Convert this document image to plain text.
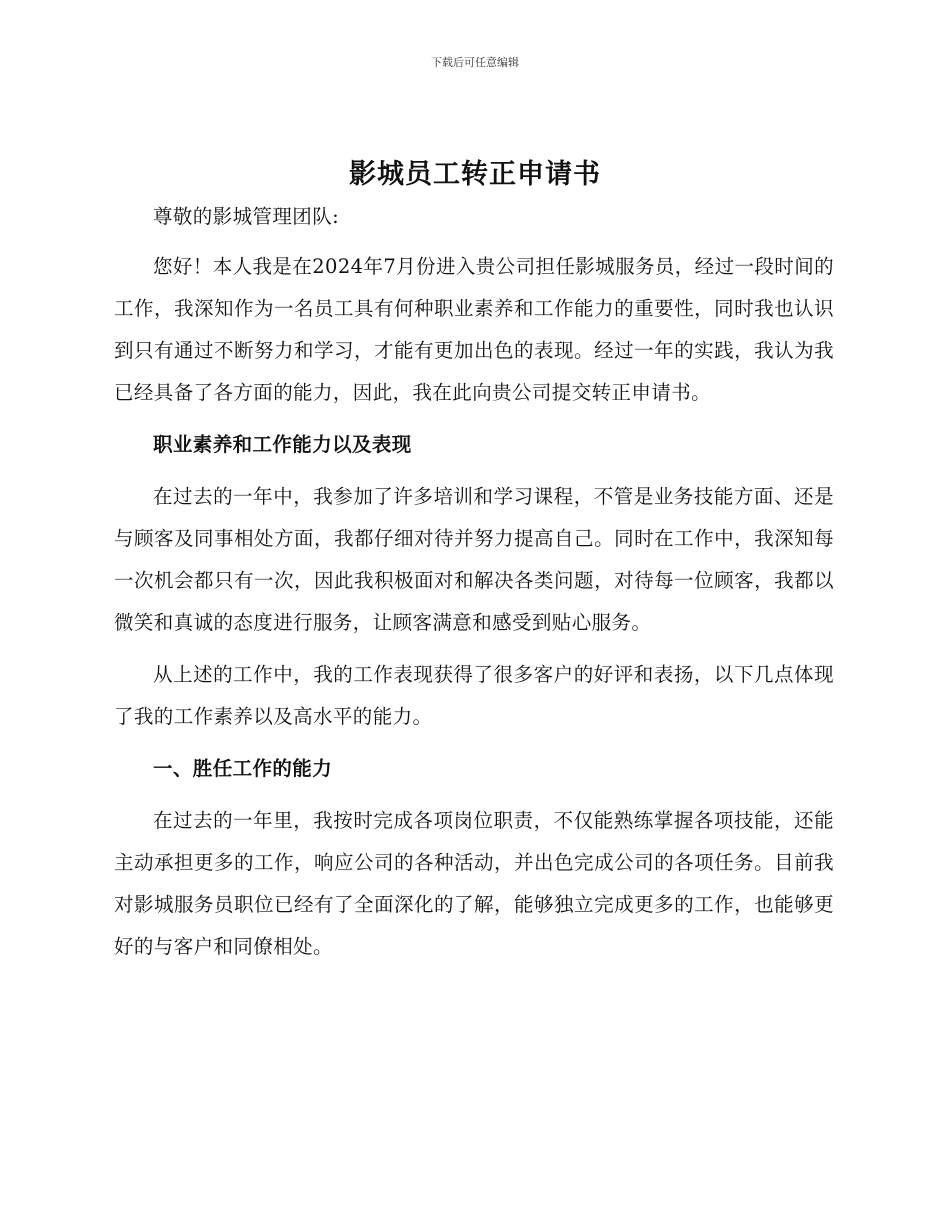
下载后可任意编辑
影城员工转正申请书

尊敬的影城管理团队:

您好！本人我是在2024年7月份进入贵公司担任影城服务员，经过一段时间的工作，我深知作为一名员工具有何种职业素养和工作能力的重要性，同时我也认识到只有通过不断努力和学习，才能有更加出色的表现。经过一年的实践，我认为我已经具备了各方面的能力，因此，我在此向贵公司提交转正申请书。

职业素养和工作能力以及表现

在过去的一年中，我参加了许多培训和学习课程，不管是业务技能方面、还是与顾客及同事相处方面，我都仔细对待并努力提高自己。同时在工作中，我深知每一次机会都只有一次，因此我积极面对和解决各类问题，对待每一位顾客，我都以微笑和真诚的态度进行服务，让顾客满意和感受到贴心服务。

从上述的工作中，我的工作表现获得了很多客户的好评和表扬，以下几点体现了我的工作素养以及高水平的能力。

一、胜任工作的能力

在过去的一年里，我按时完成各项岗位职责，不仅能熟练掌握各项技能，还能主动承担更多的工作，响应公司的各种活动，并出色完成公司的各项任务。目前我对影城服务员职位已经有了全面深化的了解，能够独立完成更多的工作，也能够更好的与客户和同僚相处。
